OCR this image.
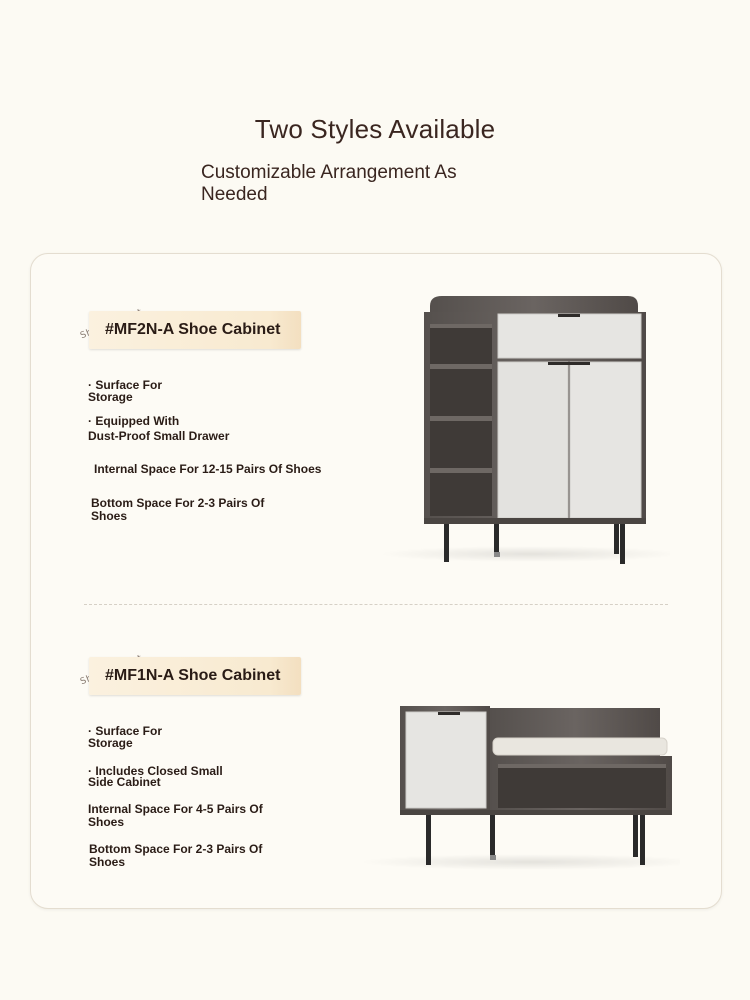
Two Styles Available
Customizable Arrangement As
Needed
#MF2N-A Shoe Cabinet
· Surface For
Storage
· Equipped With
Dust-Proof Small Drawer
Internal Space For 12-15 Pairs Of Shoes
Bottom Space For 2-3 Pairs Of
Shoes
#MF1N-A Shoe Cabinet
· Surface For
Storage
· Includes Closed Small
Side Cabinet
Internal Space For 4-5 Pairs Of
Shoes
Bottom Space For 2-3 Pairs Of
Shoes
